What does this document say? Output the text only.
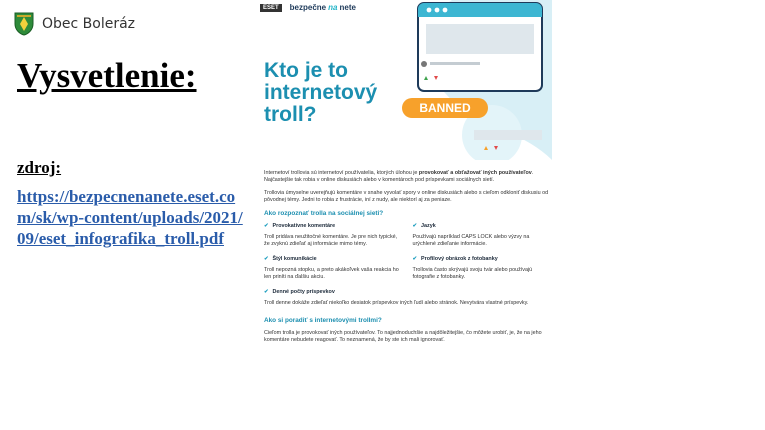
Obec Boleráz
Vysvetlenie:
zdroj:
https://bezpecnenanete.eset.com/sk/wp-content/uploads/2021/09/eset_infografika_troll.pdf
ESET	bezpečne na nete
Kto je to internetový troll?	BANNED

Internetoví trollovia sú internetoví používatelia, ktorých úlohou je provokovať a obťažovať iných používateľov. Najčastejšie tak robia v online diskusiách alebo v komentároch pod príspevkami sociálnych sietí.

Trollovia úmyselne uverejňujú komentáre v snahe vyvolať spory v online diskusiách alebo s cieľom odkloniť diskusiu od pôvodnej témy. Jedni to robia z frustrácie, iní z nudy, ale niektorí aj za peniaze.

Ako rozpoznať trolla na sociálnej sieti?
✔ Provokatívne komentáre
Troll pridáva neužitočné komentáre. Je pre nich typické, že zvyknú zdieľať aj informácie mimo témy.
✔ Jazyk
Používajú napríklad CAPS LOCK alebo výzvy na urýchlené zdieľanie informácie.
✔ Štýl komunikácie
Troll nepozná stopku, a preto akákoľvek vaša reakcia ho len priníti na ďalšiu akciu.
✔ Profilový obrázok z fotobanky
Trollovia často skrývajú svoju tvár alebo používajú fotografie z fotobanky.
✔ Denné počty príspevkov
Troll denne dokáže zdieľať niekoľko desiatok príspevkov iných ľudí alebo stránok. Nevytvára vlastné príspevky.
Ako si poradiť s internetovými trollmi?

Cieľom trolla je provokovať iných používateľov. To najjednoduchšie a najdôležitejšie, čo môžete urobiť, je, že na jeho komentáre nebudete reagovať. To neznamená, že by ste ich mali ignorovať.
